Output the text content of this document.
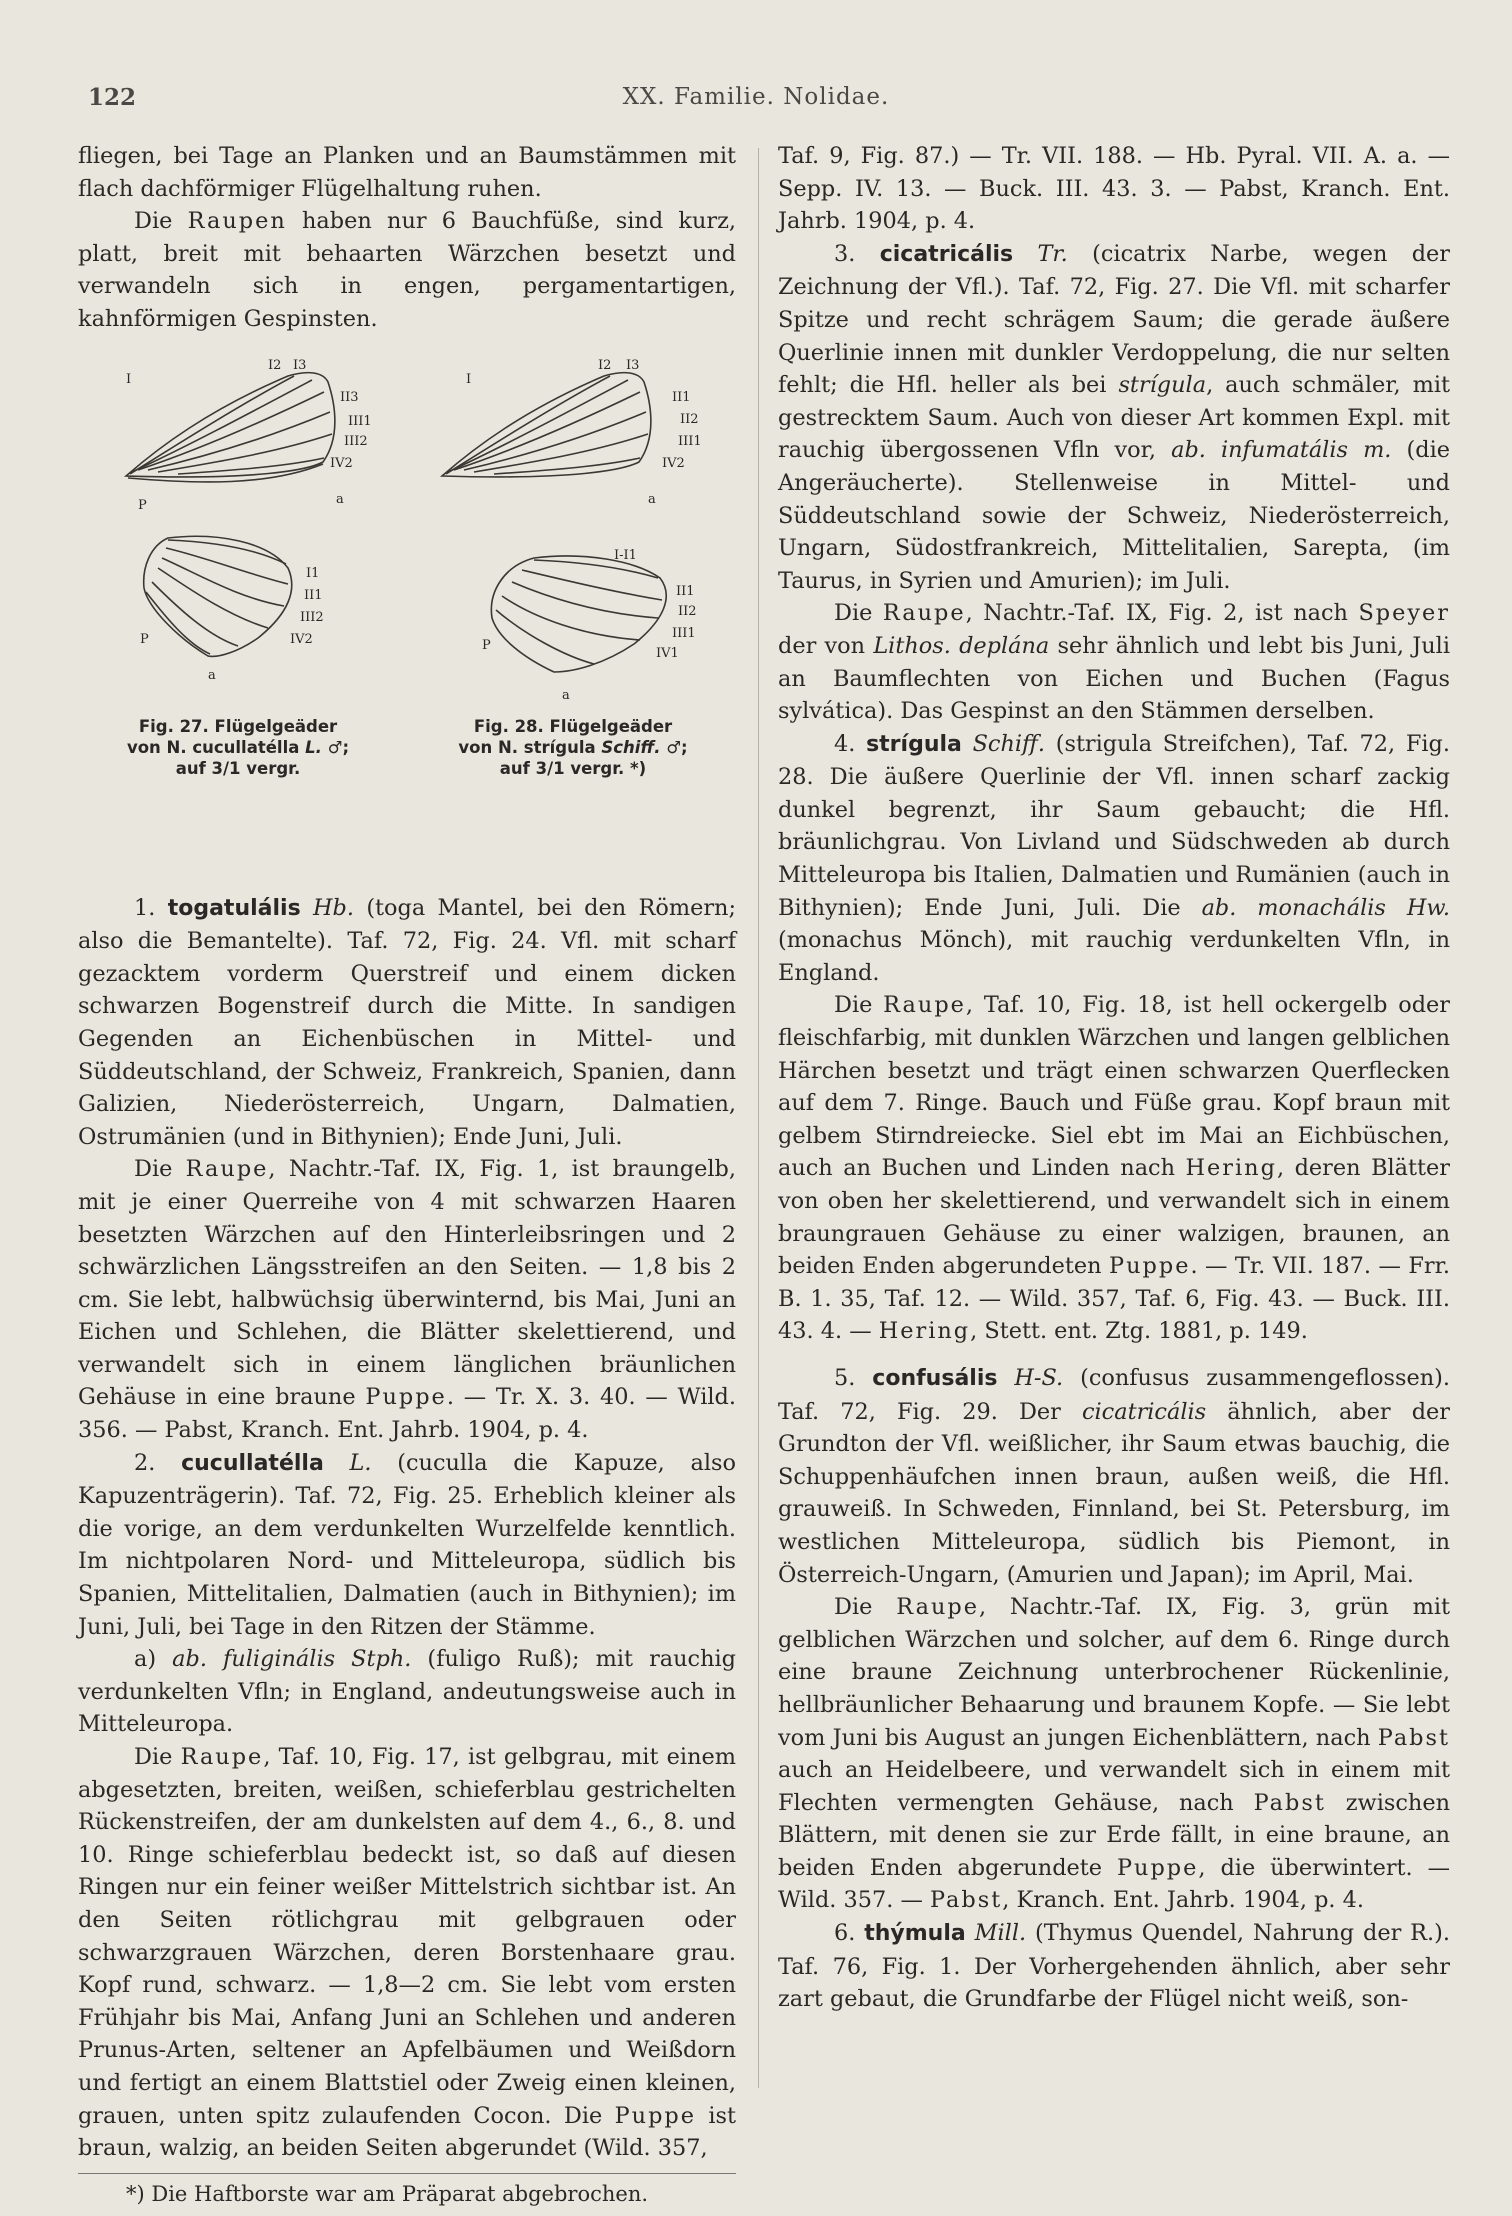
122	XX. Familie. Nolidae.

fliegen, bei Tage an Planken und an Baumstämmen mit flach dachförmiger Flügelhaltung ruhen.

Die Raupen haben nur 6 Bauchfüße, sind kurz, platt, breit mit behaarten Wärzchen besetzt und verwandeln sich in engen, pergamentartigen, kahnförmigen Gespinsten.

I2 I3
I
II3
III1
III2
IV2
P	a
P
I1
II1
III2
IV2
a
I
I2 I3
II1
II2
III1
IV2
a
I-I1
II1
II2
III1
IV1
P
a
Fig. 27. Flügelgeäder
von N. cucullatélla L. ♂;
auf 3/1 vergr.
Fig. 28. Flügelgeäder
von N. strígula Schiff. ♂;
auf 3/1 vergr. *)

1. togatulális Hb. (toga Mantel, bei den Römern; also die Bemantelte). Taf. 72, Fig. 24. Vfl. mit scharf gezacktem vorderm Querstreif und einem dicken schwarzen Bogenstreif durch die Mitte. In sandigen Gegenden an Eichenbüschen in Mittel- und Süddeutschland, der Schweiz, Frankreich, Spanien, dann Galizien, Niederösterreich, Ungarn, Dalmatien, Ostrumänien (und in Bithynien); Ende Juni, Juli.

Die Raupe, Nachtr.-Taf. IX, Fig. 1, ist braungelb, mit je einer Querreihe von 4 mit schwarzen Haaren besetzten Wärzchen auf den Hinterleibsringen und 2 schwärzlichen Längsstreifen an den Seiten. — 1,8 bis 2 cm. Sie lebt, halbwüchsig überwinternd, bis Mai, Juni an Eichen und Schlehen, die Blätter skelettierend, und verwandelt sich in einem länglichen bräunlichen Gehäuse in eine braune Puppe. — Tr. X. 3. 40. — Wild. 356. — Pabst, Kranch. Ent. Jahrb. 1904, p. 4.

2. cucullatélla L. (cuculla die Kapuze, also Kapuzenträgerin). Taf. 72, Fig. 25. Erheblich kleiner als die vorige, an dem verdunkelten Wurzelfelde kenntlich. Im nichtpolaren Nord- und Mitteleuropa, südlich bis Spanien, Mittelitalien, Dalmatien (auch in Bithynien); im Juni, Juli, bei Tage in den Ritzen der Stämme.

a) ab. fuliginális Stph. (fuligo Ruß); mit rauchig verdunkelten Vfln; in England, andeutungsweise auch in Mitteleuropa.

Die Raupe, Taf. 10, Fig. 17, ist gelbgrau, mit einem abgesetzten, breiten, weißen, schieferblau gestrichelten Rückenstreifen, der am dunkelsten auf dem 4., 6., 8. und 10. Ringe schieferblau bedeckt ist, so daß auf diesen Ringen nur ein feiner weißer Mittelstrich sichtbar ist. An den Seiten rötlichgrau mit gelbgrauen oder schwarzgrauen Wärzchen, deren Borstenhaare grau. Kopf rund, schwarz. — 1,8—2 cm. Sie lebt vom ersten Frühjahr bis Mai, Anfang Juni an Schlehen und anderen Prunus-Arten, seltener an Apfelbäumen und Weißdorn und fertigt an einem Blattstiel oder Zweig einen kleinen, grauen, unten spitz zulaufenden Cocon. Die Puppe ist braun, walzig, an beiden Seiten abgerundet (Wild. 357,

*) Die Haftborste war am Präparat abgebrochen.

Taf. 9, Fig. 87.) — Tr. VII. 188. — Hb. Pyral. VII. A. a. — Sepp. IV. 13. — Buck. III. 43. 3. — Pabst, Kranch. Ent. Jahrb. 1904, p. 4.

3. cicatricális Tr. (cicatrix Narbe, wegen der Zeichnung der Vfl.). Taf. 72, Fig. 27. Die Vfl. mit scharfer Spitze und recht schrägem Saum; die gerade äußere Querlinie innen mit dunkler Verdoppelung, die nur selten fehlt; die Hfl. heller als bei strígula, auch schmäler, mit gestrecktem Saum. Auch von dieser Art kommen Expl. mit rauchig übergossenen Vfln vor, ab. infumatális m. (die Angeräucherte). Stellenweise in Mittel- und Süddeutschland sowie der Schweiz, Niederösterreich, Ungarn, Südostfrankreich, Mittelitalien, Sarepta, (im Taurus, in Syrien und Amurien); im Juli.

Die Raupe, Nachtr.-Taf. IX, Fig. 2, ist nach Speyer der von Lithos. deplána sehr ähnlich und lebt bis Juni, Juli an Baumflechten von Eichen und Buchen (Fagus sylvática). Das Gespinst an den Stämmen derselben.

4. strígula Schiff. (strigula Streifchen), Taf. 72, Fig. 28. Die äußere Querlinie der Vfl. innen scharf zackig dunkel begrenzt, ihr Saum gebaucht; die Hfl. bräunlichgrau. Von Livland und Südschweden ab durch Mitteleuropa bis Italien, Dalmatien und Rumänien (auch in Bithynien); Ende Juni, Juli. Die ab. monachális Hw. (monachus Mönch), mit rauchig verdunkelten Vfln, in England.

Die Raupe, Taf. 10, Fig. 18, ist hell ockergelb oder fleischfarbig, mit dunklen Wärzchen und langen gelblichen Härchen besetzt und trägt einen schwarzen Querflecken auf dem 7. Ringe. Bauch und Füße grau. Kopf braun mit gelbem Stirndreiecke. Siel ebt im Mai an Eichbüschen, auch an Buchen und Linden nach Hering, deren Blätter von oben her skelettierend, und verwandelt sich in einem braungrauen Gehäuse zu einer walzigen, braunen, an beiden Enden abgerundeten Puppe. — Tr. VII. 187. — Frr. B. 1. 35, Taf. 12. — Wild. 357, Taf. 6, Fig. 43. — Buck. III. 43. 4. — Hering, Stett. ent. Ztg. 1881, p. 149.

5. confusális H-S. (confusus zusammengeflossen). Taf. 72, Fig. 29. Der cicatricális ähnlich, aber der Grundton der Vfl. weißlicher, ihr Saum etwas bauchig, die Schuppenhäufchen innen braun, außen weiß, die Hfl. grauweiß. In Schweden, Finnland, bei St. Petersburg, im westlichen Mitteleuropa, südlich bis Piemont, in Österreich-Ungarn, (Amurien und Japan); im April, Mai.

Die Raupe, Nachtr.-Taf. IX, Fig. 3, grün mit gelblichen Wärzchen und solcher, auf dem 6. Ringe durch eine braune Zeichnung unterbrochener Rückenlinie, hellbräunlicher Behaarung und braunem Kopfe. — Sie lebt vom Juni bis August an jungen Eichenblättern, nach Pabst auch an Heidelbeere, und verwandelt sich in einem mit Flechten vermengten Gehäuse, nach Pabst zwischen Blättern, mit denen sie zur Erde fällt, in eine braune, an beiden Enden abgerundete Puppe, die überwintert. — Wild. 357. — Pabst, Kranch. Ent. Jahrb. 1904, p. 4.

6. thýmula Mill. (Thymus Quendel, Nahrung der R.). Taf. 76, Fig. 1. Der Vorhergehenden ähnlich, aber sehr zart gebaut, die Grundfarbe der Flügel nicht weiß, son-
